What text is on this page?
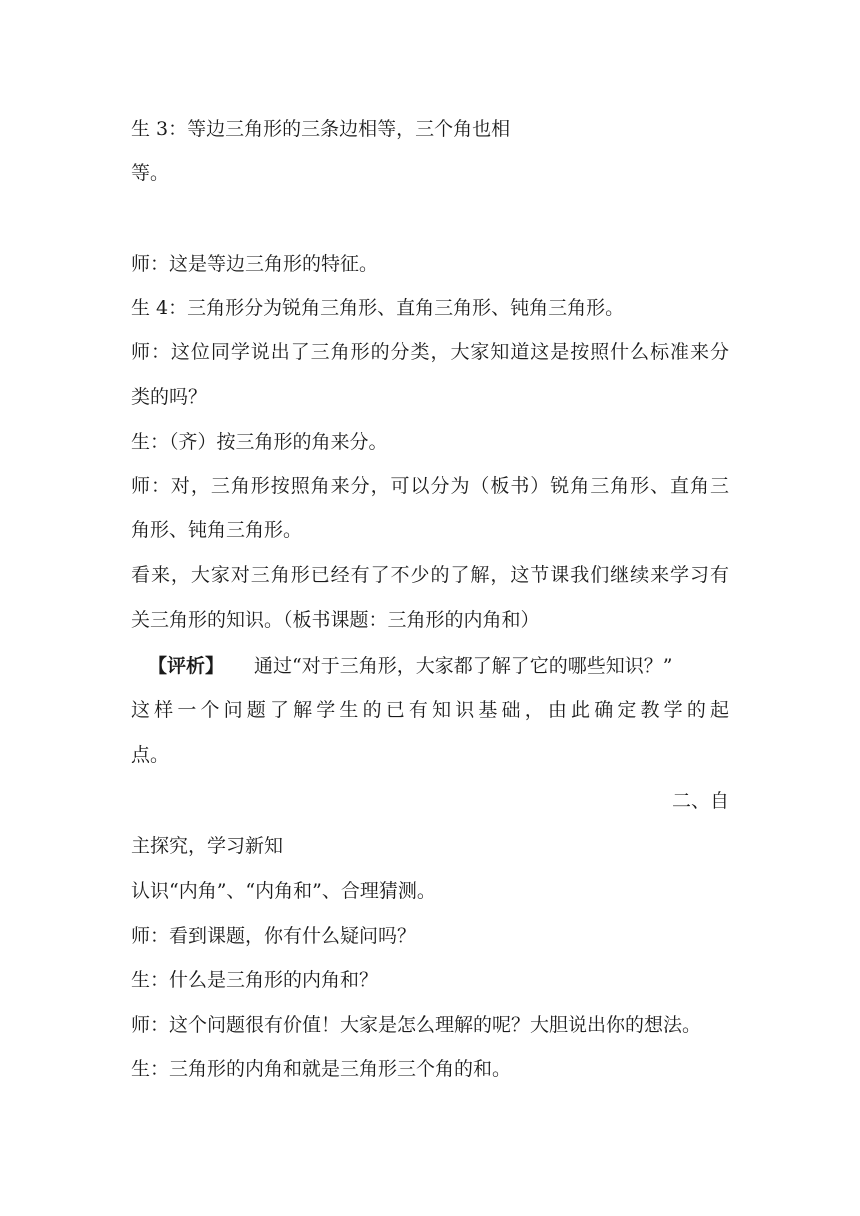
生 3：等边三角形的三条边相等，三个角也相
等。
师：这是等边三角形的特征。
生 4：三角形分为锐角三角形、直角三角形、钝角三角形。
师：这位同学说出了三角形的分类，大家知道这是按照什么标准来分
类的吗？
生：（齐）按三角形的角来分。
师：对，三角形按照角来分，可以分为（板书）锐角三角形、直角三
角形、钝角三角形。
看来，大家对三角形已经有了不少的了解，这节课我们继续来学习有
关三角形的知识。（板书课题：三角形的内角和）
【评析】 通过“对于三角形，大家都了解了它的哪些知识？”
这样一个问题了解学生的已有知识基础，由此确定教学的起
点。
二、自
主探究，学习新知
认识“内角”、“内角和”、合理猜测。
师：看到课题，你有什么疑问吗？
生：什么是三角形的内角和？
师：这个问题很有价值！大家是怎么理解的呢？大胆说出你的想法。
生：三角形的内角和就是三角形三个角的和。
